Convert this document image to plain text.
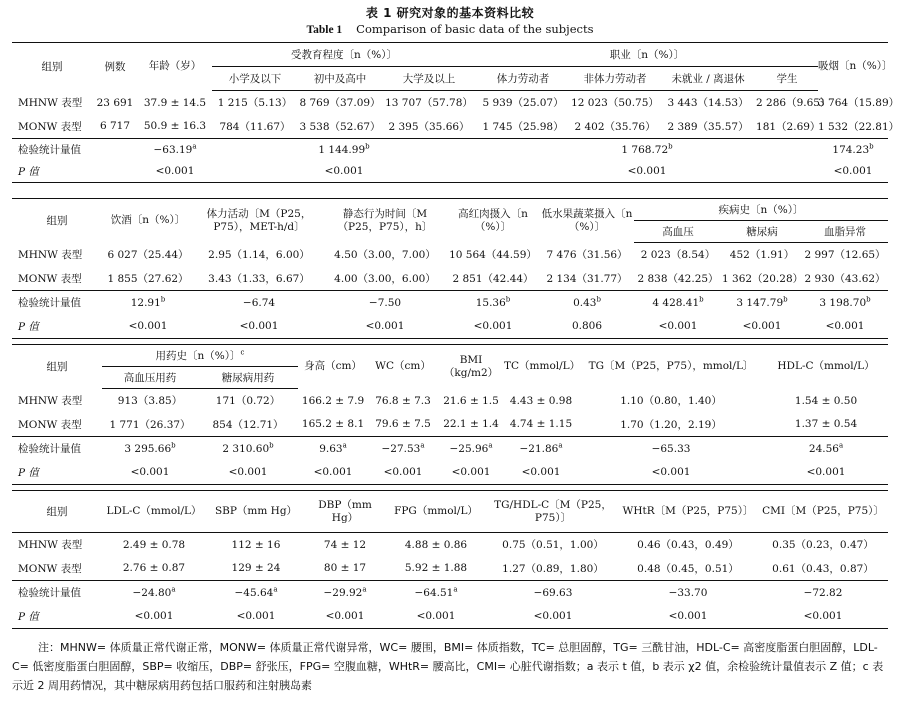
表 1 研究对象的基本资料比较
Table 1 Comparison of basic data of the subjects
组别	例数	年龄（岁）	受教育程度〔n（%）〕			职业〔n（%）〕				吸烟〔n（%）〕
			小学及以下	初中及高中	大学及以上	体力劳动者	非体力劳动者	未就业 / 离退休	学生	
MHNW 表型	23 691	37.9 ± 14.5	1 215（5.13）	8 769（37.09）	13 707（57.78）	5 939（25.07）	12 023（50.75）	3 443（14.53）	2 286（9.65）	3 764（15.89）
MONW 表型	6 717	50.9 ± 16.3	784（11.67）	3 538（52.67）	2 395（35.66）	1 745（25.98）	2 402（35.76）	2 389（35.57）	181（2.69）	1 532（22.81）
检验统计量值		−63.19$^a$	1 144.99$^b$			1 768.72$^b$				174.23$^b$
P 值		<0.001	<0.001			<0.001				<0.001
组别	饮酒〔n（%）〕	体力活动〔M（P25，P75），MET-h/d〕	静态行为时间〔M（P25，P75），h〕	高红肉摄入〔n（%）〕	低水果蔬菜摄入〔n（%）〕	疾病史〔n（%）〕		
						高血压	糖尿病	血脂异常
MHNW 表型	6 027（25.44）	2.95（1.14，6.00）	4.50（3.00，7.00）	10 564（44.59）	7 476（31.56）	2 023（8.54）	452（1.91）	2 997（12.65）
MONW 表型	1 855（27.62）	3.43（1.33，6.67）	4.00（3.00，6.00）	2 851（42.44）	2 134（31.77）	2 838（42.25）	1 362（20.28）	2 930（43.62）
检验统计量值	12.91$^b$	−6.74	−7.50	15.36$^b$	0.43$^b$	4 428.41$^b$	3 147.79$^b$	3 198.70$^b$
P 值	<0.001	<0.001	<0.001	<0.001	0.806	<0.001	<0.001	<0.001
组别	用药史〔n（%）〕$^c$		身高（cm）	WC（cm）	BMI（kg/m2）	TC（mmol/L）	TG〔M（P25，P75），mmol/L〕	HDL-C（mmol/L）
	高血压用药	糖尿病用药						
MHNW 表型	913（3.85）	171（0.72）	166.2 ± 7.9	76.8 ± 7.3	21.6 ± 1.5	4.43 ± 0.98	1.10（0.80，1.40）	1.54 ± 0.50
MONW 表型	1 771（26.37）	854（12.71）	165.2 ± 8.1	79.6 ± 7.5	22.1 ± 1.4	4.74 ± 1.15	1.70（1.20，2.19）	1.37 ± 0.54
检验统计量值	3 295.66$^b$	2 310.60$^b$	9.63$^a$	−27.53$^a$	−25.96$^a$	−21.86$^a$	−65.33	24.56$^a$
P 值	<0.001	<0.001	<0.001	<0.001	<0.001	<0.001	<0.001	<0.001
组别	LDL-C（mmol/L）	SBP（mm Hg）	DBP（mm Hg）	FPG（mmol/L）	TG/HDL-C〔M（P25，P75）〕	WHtR〔M（P25，P75）〕	CMI〔M（P25，P75）〕
MHNW 表型	2.49 ± 0.78	112 ± 16	74 ± 12	4.88 ± 0.86	0.75（0.51，1.00）	0.46（0.43，0.49）	0.35（0.23，0.47）
MONW 表型	2.76 ± 0.87	129 ± 24	80 ± 17	5.92 ± 1.88	1.27（0.89，1.80）	0.48（0.45，0.51）	0.61（0.43，0.87）
检验统计量值	−24.80$^a$	−45.64$^a$	−29.92$^a$	−64.51$^a$	−69.63	−33.70	−72.82
P 值	<0.001	<0.001	<0.001	<0.001	<0.001	<0.001	<0.001
注：MHNW= 体质量正常代谢正常，MONW= 体质量正常代谢异常，WC= 腰围，BMI= 体质指数，TC= 总胆固醇，TG= 三酰甘油，HDL-C= 高密度脂蛋白胆固醇，LDL-C= 低密度脂蛋白胆固醇，SBP= 收缩压，DBP= 舒张压，FPG= 空腹血糖，WHtR= 腰高比，CMI= 心脏代谢指数；a 表示 t 值，b 表示 χ2 值，余检验统计量值表示 Z 值；c 表示近 2 周用药情况，其中糖尿病用药包括口服药和注射胰岛素
